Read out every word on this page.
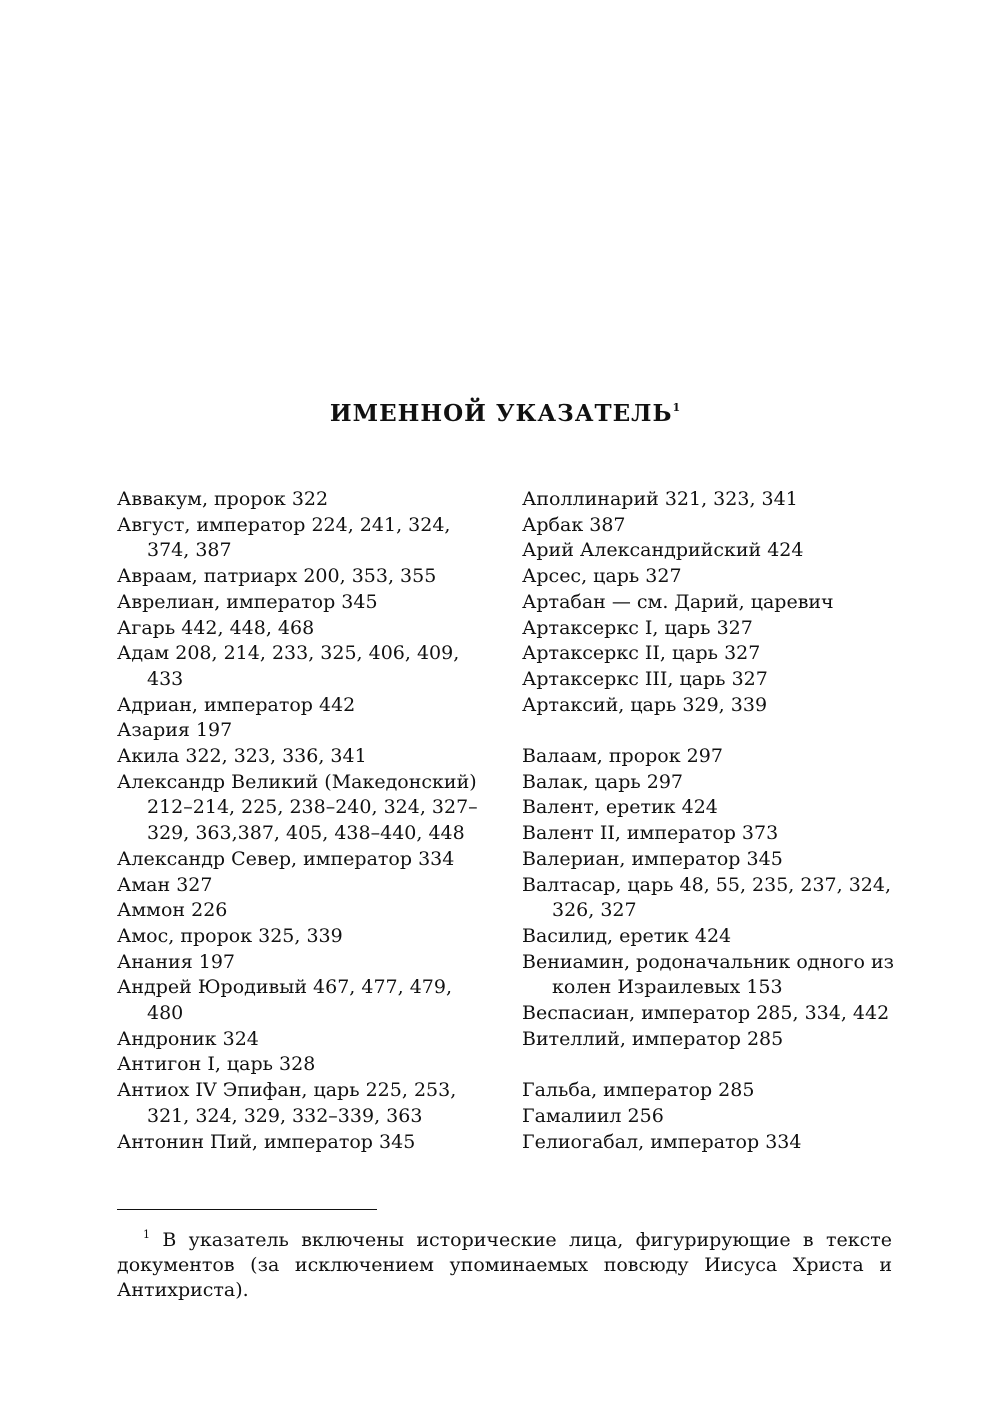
ИМЕННОЙ УКАЗАТЕЛЬ$^1$
Аввакум, пророк 322
Август, император 224, 241, 324, 374, 387
Авраам, патриарх 200, 353, 355
Аврелиан, император 345
Агарь 442, 448, 468
Адам 208, 214, 233, 325, 406, 409, 433
Адриан, император 442
Азария 197
Акила 322, 323, 336, 341
Александр Великий (Македонский) 212–214, 225, 238–240, 324, 327–329, 363,387, 405, 438–440, 448
Александр Север, император 334
Аман 327
Аммон 226
Амос, пророк 325, 339
Анания 197
Андрей Юродивый 467, 477, 479, 480
Андроник 324
Антигон I, царь 328
Антиох IV Эпифан, царь 225, 253, 321, 324, 329, 332–339, 363
Антонин Пий, император 345
Аполлинарий 321, 323, 341
Арбак 387
Арий Александрийский 424
Арсес, царь 327
Артабан — см. Дарий, царевич
Артаксеркс I, царь 327
Артаксеркс II, царь 327
Артаксеркс III, царь 327
Артаксий, царь 329, 339
Валаам, пророк 297
Валак, царь 297
Валент, еретик 424
Валент II, император 373
Валериан, император 345
Валтасар, царь 48, 55, 235, 237, 324, 326, 327
Василид, еретик 424
Вениамин, родоначальник одного из колен Израилевых 153
Веспасиан, император 285, 334, 442
Вителлий, император 285
Гальба, император 285
Гамалиил 256
Гелиогабал, император 334
$^1$ В указатель включены исторические лица, фигурирующие в тексте документов (за исключением упоминаемых повсюду Иисуса Христа и Антихриста).
